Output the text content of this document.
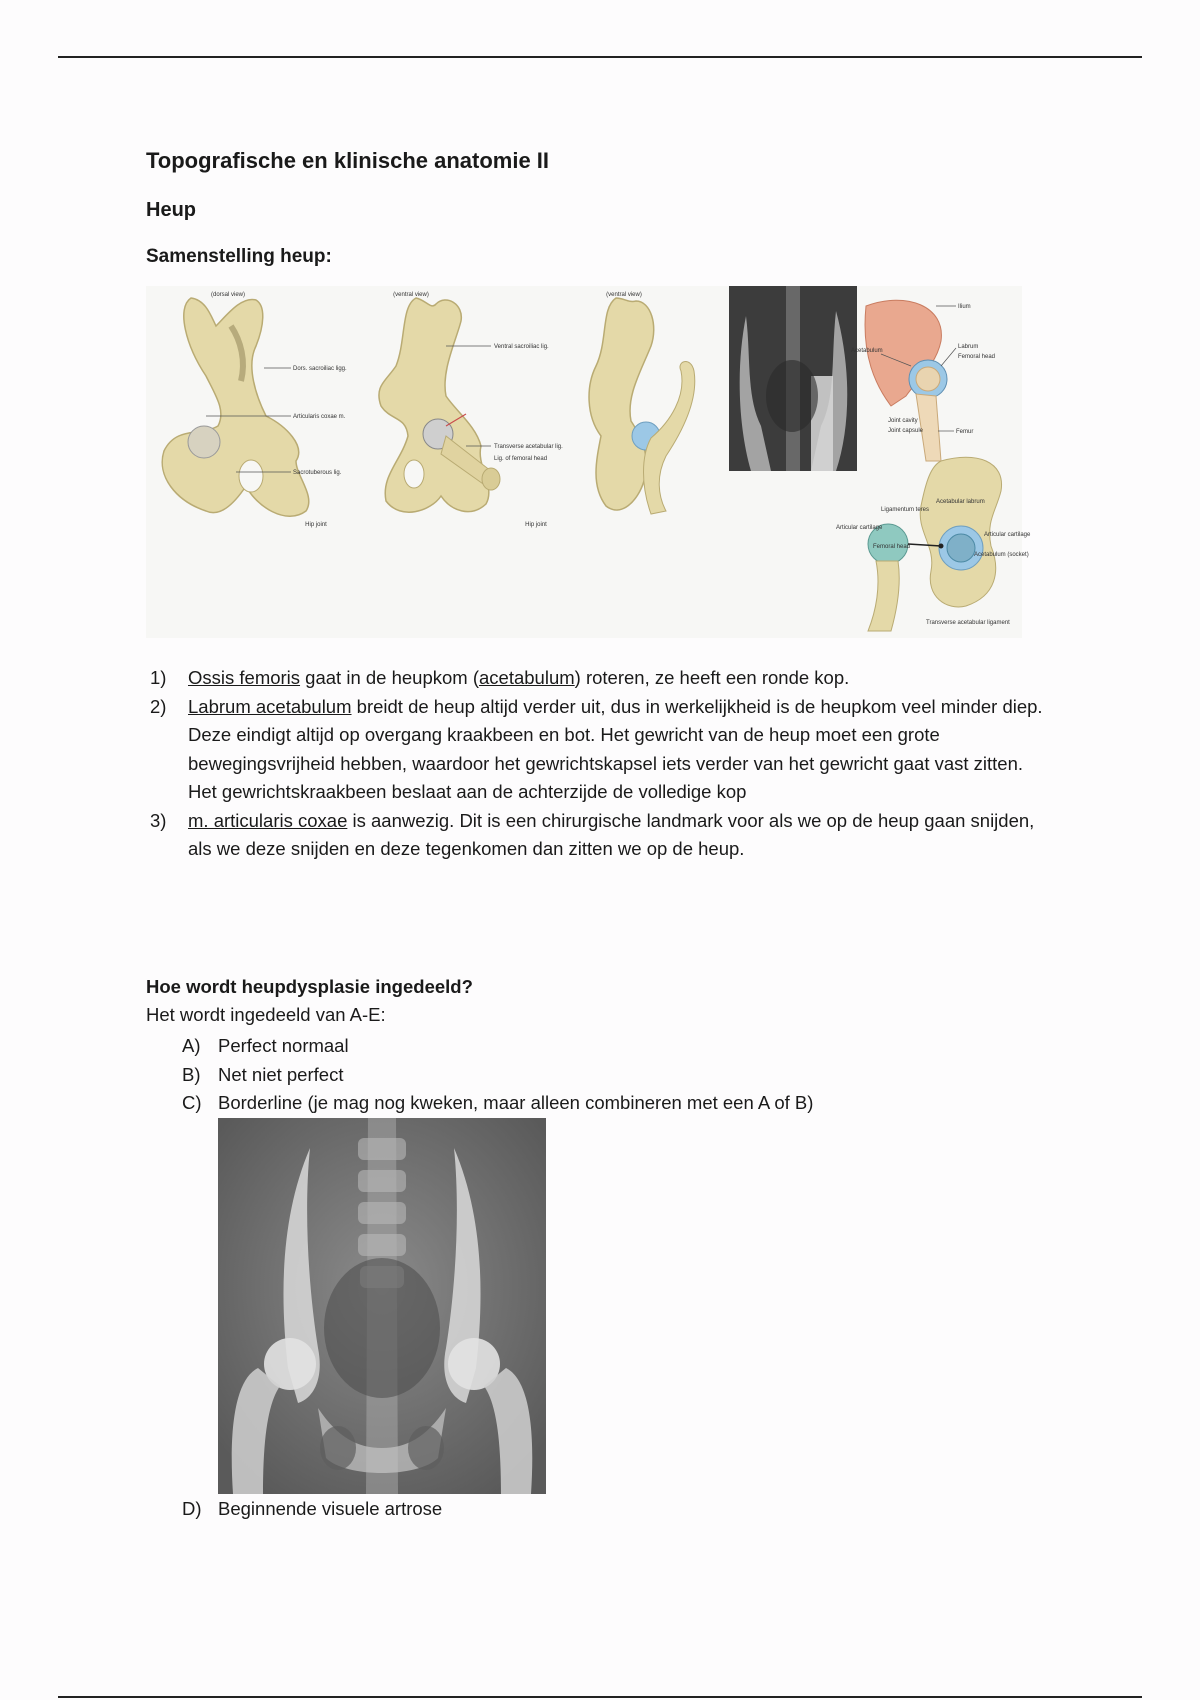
Topografische en klinische anatomie II
Heup
Samenstelling heup:
(dorsal view)
Dors. sacroiliac ligg.
Articularis coxae m.
Sacrotuberous lig.
Hip joint
(ventral view)
Ventral sacroiliac lig.
Transverse acetabular lig.
Lig. of femoral head
Hip joint
(ventral view)
Ilium
Acetabulum
Labrum
Femoral head
Joint cavity
Joint capsule	Femur
Ligamentum teres
Articular cartilage
Femoral head
Acetabular labrum
Articular cartilage
Acetabulum (socket)
Transverse acetabular ligament
1) Ossis femoris gaat in de heupkom (acetabulum) roteren, ze heeft een ronde kop.
2) Labrum acetabulum breidt de heup altijd verder uit, dus in werkelijkheid is de heupkom veel minder diep. Deze eindigt altijd op overgang kraakbeen en bot. Het gewricht van de heup moet een grote bewegingsvrijheid hebben, waardoor het gewrichtskapsel iets verder van het gewricht gaat vast zitten. Het gewrichtskraakbeen beslaat aan de achterzijde de volledige kop
3) m. articularis coxae is aanwezig. Dit is een chirurgische landmark voor als we op de heup gaan snijden, als we deze snijden en deze tegenkomen dan zitten we op de heup.
Hoe wordt heupdysplasie ingedeeld?
Het wordt ingedeeld van A-E:
A) Perfect normaal
B) Net niet perfect
C) Borderline (je mag nog kweken, maar alleen combineren met een A of B)
D) Beginnende visuele artrose
